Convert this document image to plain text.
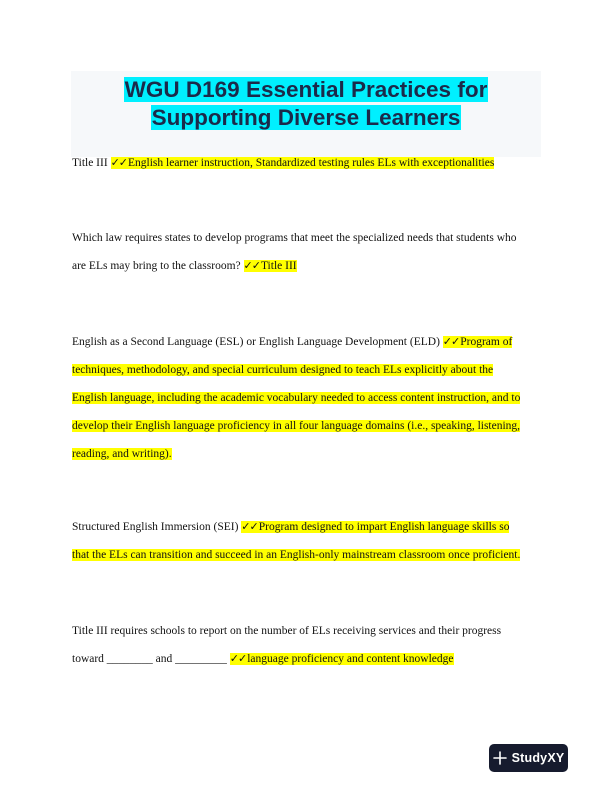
WGU D169 Essential Practices for
Supporting Diverse Learners
Title III ✓✓English learner instruction, Standardized testing rules ELs with exceptionalities
Which law requires states to develop programs that meet the specialized needs that students who
are ELs may bring to the classroom? ✓✓Title III
English as a Second Language (ESL) or English Language Development (ELD) ✓✓Program of
techniques, methodology, and special curriculum designed to teach ELs explicitly about the
English language, including the academic vocabulary needed to access content instruction, and to
develop their English language proficiency in all four language domains (i.e., speaking, listening,
reading, and writing).
Structured English Immersion (SEI) ✓✓Program designed to impart English language skills so
that the ELs can transition and succeed in an English-only mainstream classroom once proficient.
Title III requires schools to report on the number of ELs receiving services and their progress
toward ________ and _________ ✓✓language proficiency and content knowledge
StudyXY
